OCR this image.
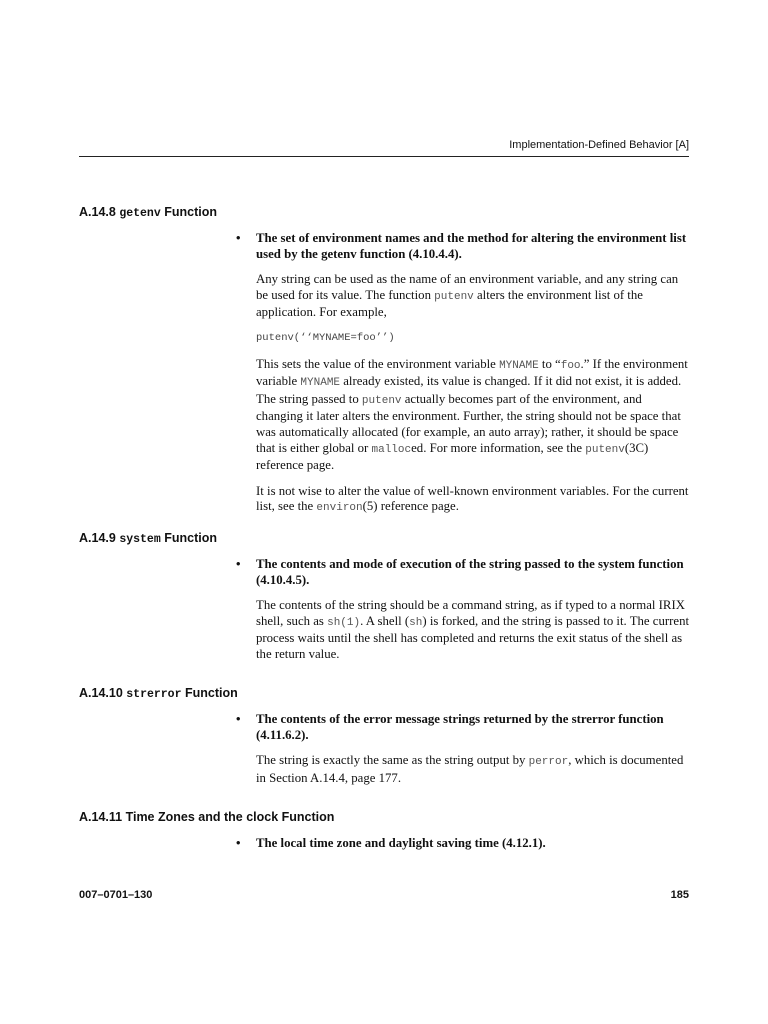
Implementation-Defined Behavior [A]
A.14.8 getenv Function
• The set of environment names and the method for altering the environment list used by the getenv function (4.10.4.4).

Any string can be used as the name of an environment variable, and any string can be used for its value. The function putenv alters the environment list of the application. For example,

putenv(‘‘MYNAME=foo’’)

This sets the value of the environment variable MYNAME to “foo.” If the environment variable MYNAME already existed, its value is changed. If it did not exist, it is added. The string passed to putenv actually becomes part of the environment, and changing it later alters the environment. Further, the string should not be space that was automatically allocated (for example, an auto array); rather, it should be space that is either global or malloced. For more information, see the putenv(3C) reference page.

It is not wise to alter the value of well-known environment variables. For the current list, see the environ(5) reference page.

A.14.9 system Function
• The contents and mode of execution of the string passed to the system function (4.10.4.5).

The contents of the string should be a command string, as if typed to a normal IRIX shell, such as sh(1). A shell (sh) is forked, and the string is passed to it. The current process waits until the shell has completed and returns the exit status of the shell as the return value.

A.14.10 strerror Function
• The contents of the error message strings returned by the strerror function (4.11.6.2).

The string is exactly the same as the string output by perror, which is documented in Section A.14.4, page 177.

A.14.11 Time Zones and the clock Function
• The local time zone and daylight saving time (4.12.1).
007–0701–130	185
